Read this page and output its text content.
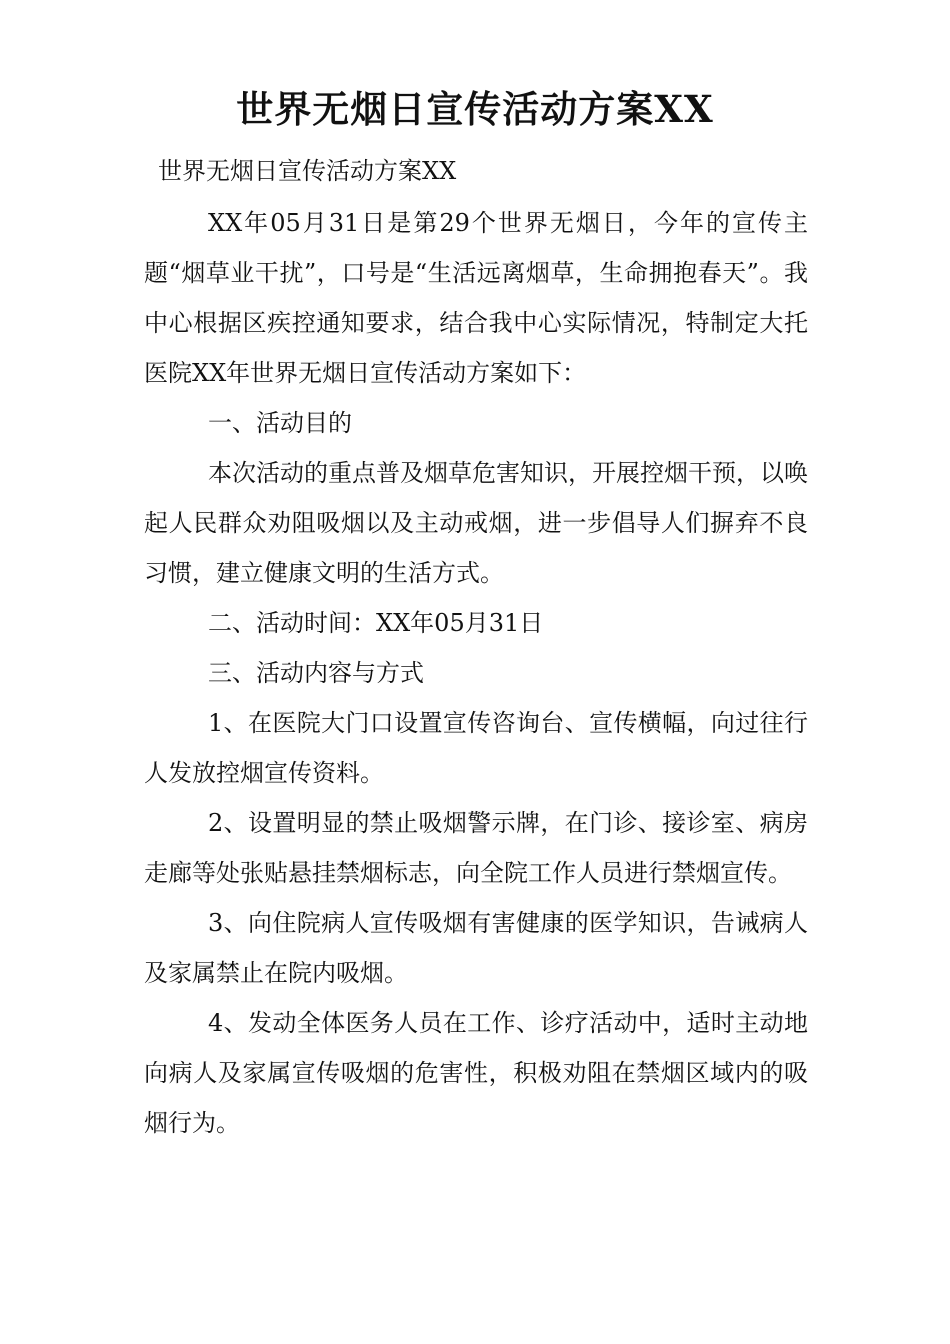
世界无烟日宣传活动方案XX
世界无烟日宣传活动方案XX

XX年05月31日是第29个世界无烟日，今年的宣传主题“烟草业干扰”，口号是“生活远离烟草，生命拥抱春天”。我中心根据区疾控通知要求，结合我中心实际情况，特制定大托医院XX年世界无烟日宣传活动方案如下：

一、活动目的

本次活动的重点普及烟草危害知识，开展控烟干预，以唤起人民群众劝阻吸烟以及主动戒烟，进一步倡导人们摒弃不良习惯，建立健康文明的生活方式。

二、活动时间：XX年05月31日

三、活动内容与方式

1、在医院大门口设置宣传咨询台、宣传横幅，向过往行人发放控烟宣传资料。

2、设置明显的禁止吸烟警示牌，在门诊、接诊室、病房走廊等处张贴悬挂禁烟标志，向全院工作人员进行禁烟宣传。

3、向住院病人宣传吸烟有害健康的医学知识，告诫病人及家属禁止在院内吸烟。

4、发动全体医务人员在工作、诊疗活动中，适时主动地向病人及家属宣传吸烟的危害性，积极劝阻在禁烟区域内的吸烟行为。
